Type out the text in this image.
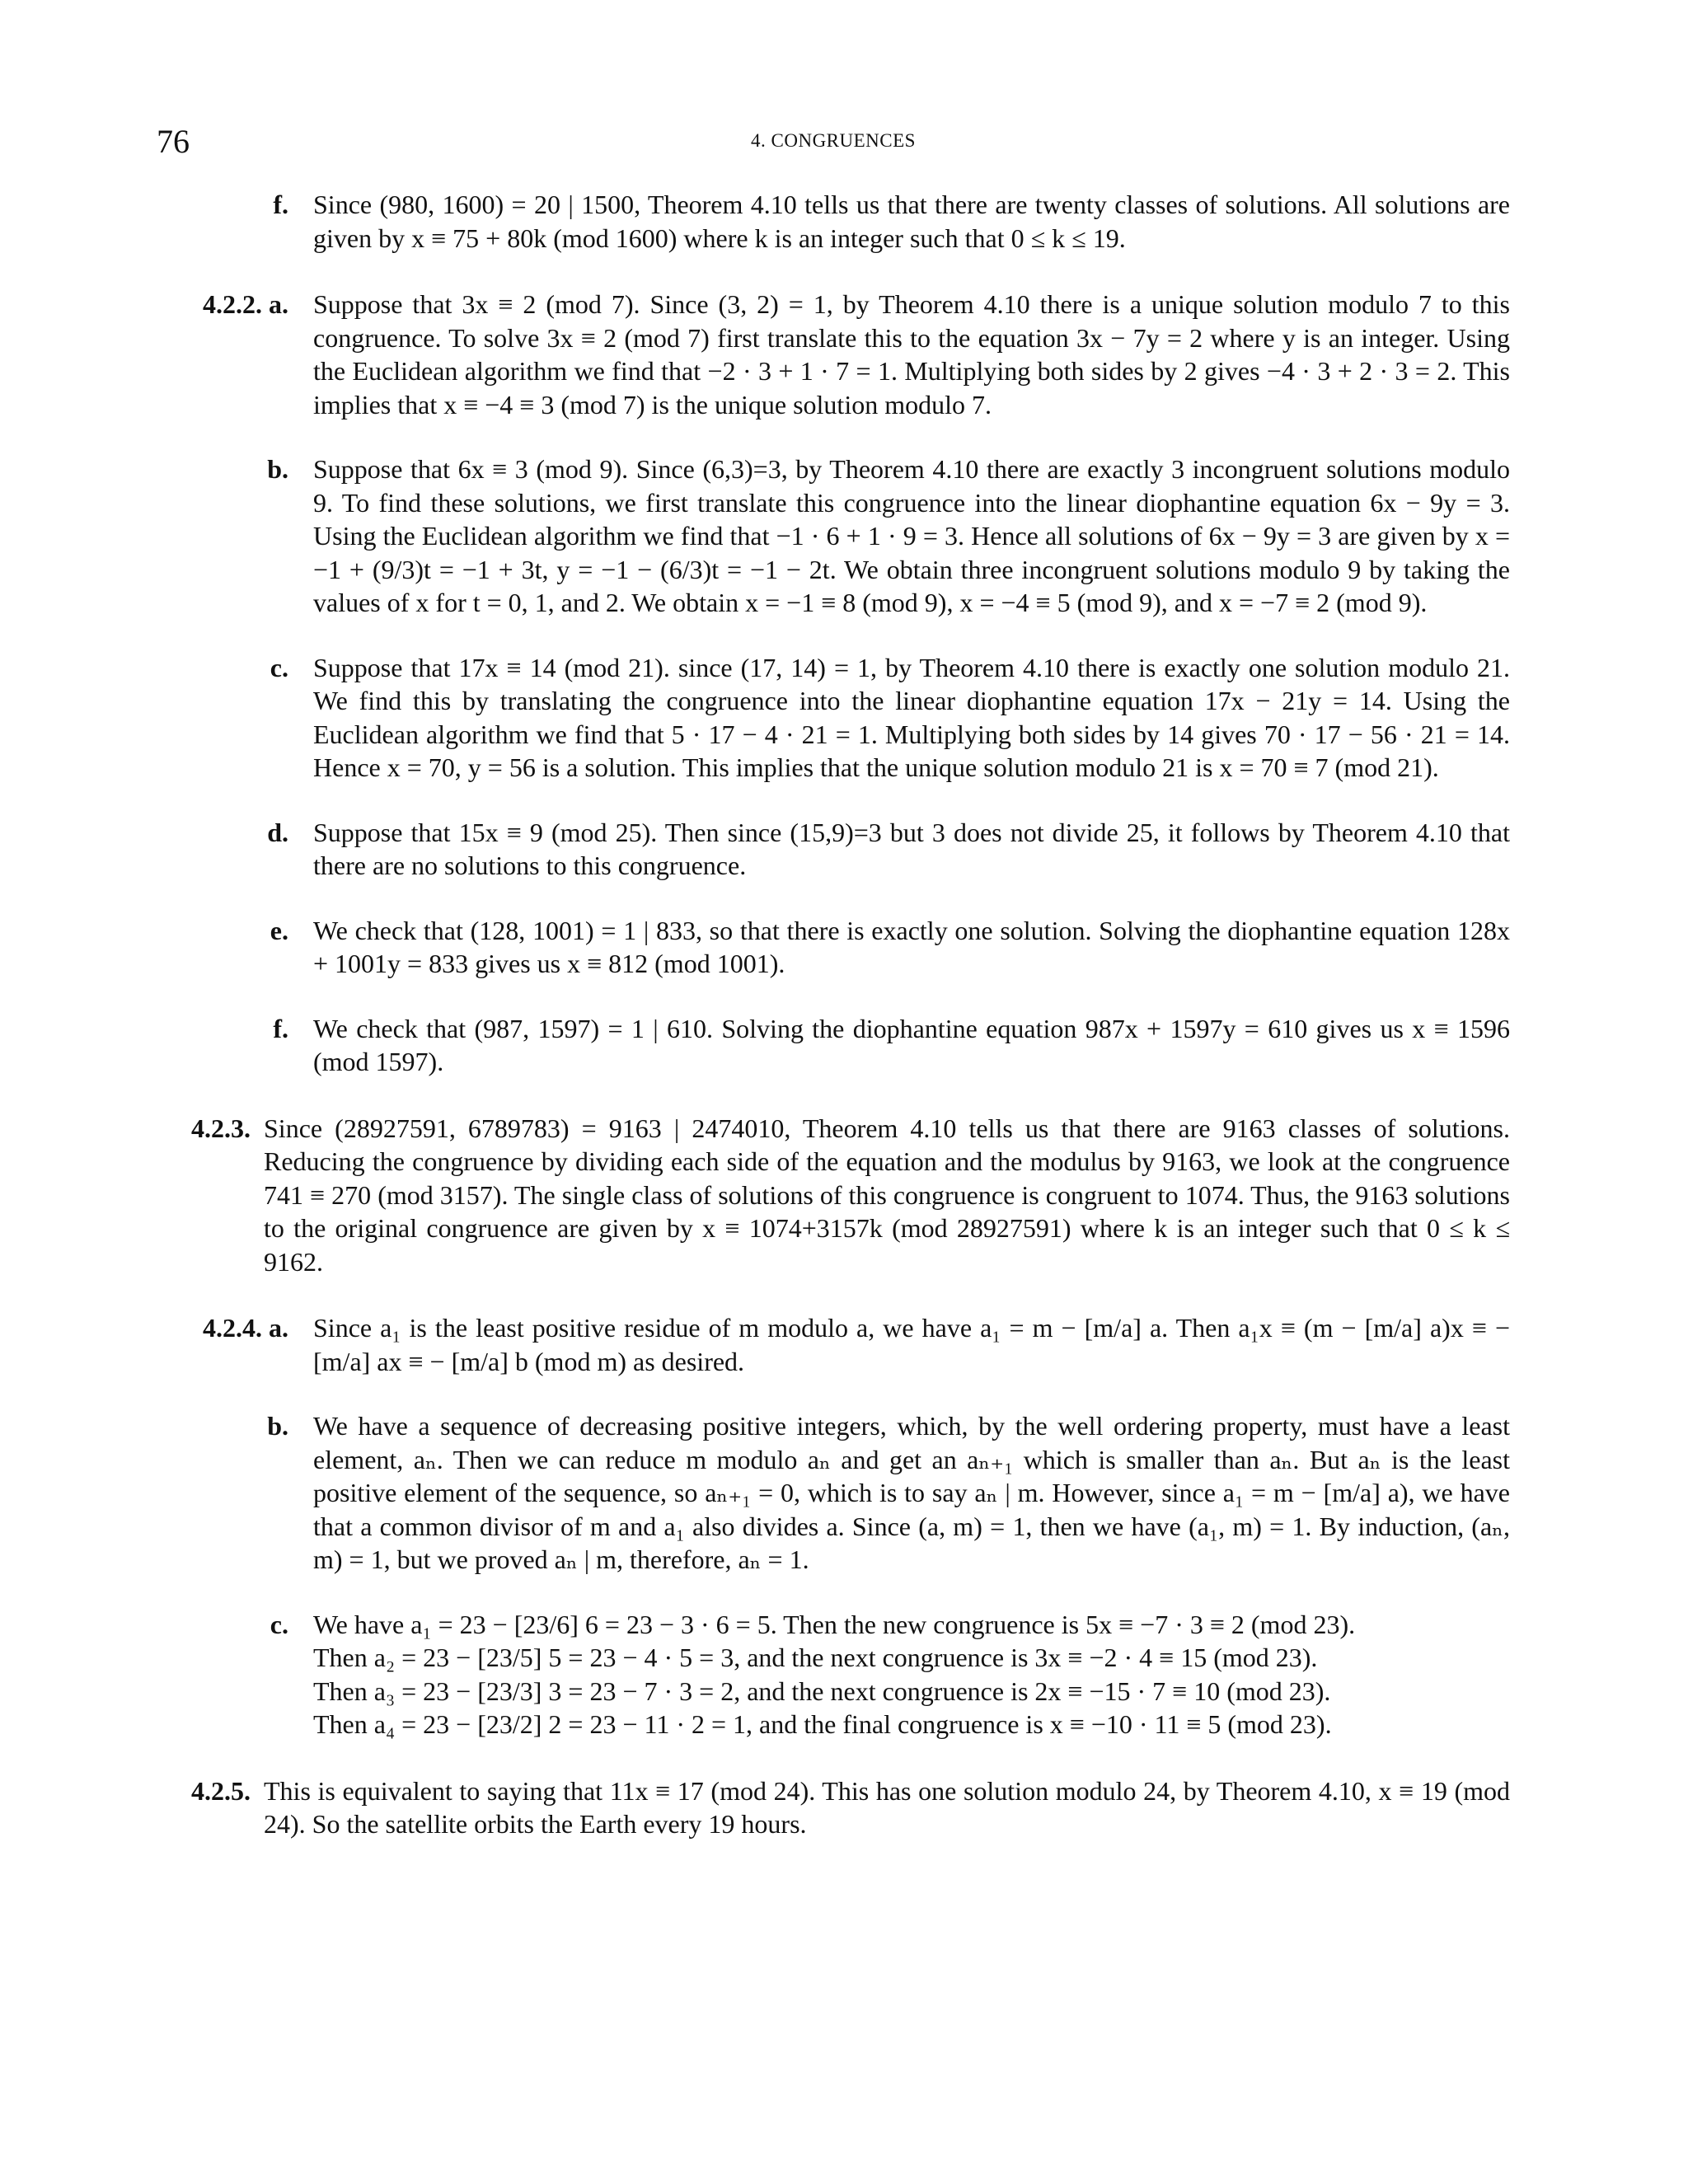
76	4. CONGRUENCES
f. Since (980, 1600) = 20 | 1500, Theorem 4.10 tells us that there are twenty classes of solutions. All solutions are given by x ≡ 75 + 80k (mod 1600) where k is an integer such that 0 ≤ k ≤ 19.
4.2.2. a. Suppose that 3x ≡ 2 (mod 7). Since (3, 2) = 1, by Theorem 4.10 there is a unique solution modulo 7 to this congruence. To solve 3x ≡ 2 (mod 7) first translate this to the equation 3x − 7y = 2 where y is an integer. Using the Euclidean algorithm we find that −2 · 3 + 1 · 7 = 1. Multiplying both sides by 2 gives −4 · 3 + 2 · 3 = 2. This implies that x ≡ −4 ≡ 3 (mod 7) is the unique solution modulo 7.
b. Suppose that 6x ≡ 3 (mod 9). Since (6,3)=3, by Theorem 4.10 there are exactly 3 incongruent solutions modulo 9. To find these solutions, we first translate this congruence into the linear diophantine equation 6x − 9y = 3. Using the Euclidean algorithm we find that −1 · 6 + 1 · 9 = 3. Hence all solutions of 6x − 9y = 3 are given by x = −1 + (9/3)t = −1 + 3t, y = −1 − (6/3)t = −1 − 2t. We obtain three incongruent solutions modulo 9 by taking the values of x for t = 0, 1, and 2. We obtain x = −1 ≡ 8 (mod 9), x = −4 ≡ 5 (mod 9), and x = −7 ≡ 2 (mod 9).
c. Suppose that 17x ≡ 14 (mod 21). since (17, 14) = 1, by Theorem 4.10 there is exactly one solution modulo 21. We find this by translating the congruence into the linear diophantine equation 17x − 21y = 14. Using the Euclidean algorithm we find that 5 · 17 − 4 · 21 = 1. Multiplying both sides by 14 gives 70 · 17 − 56 · 21 = 14. Hence x = 70, y = 56 is a solution. This implies that the unique solution modulo 21 is x = 70 ≡ 7 (mod 21).
d. Suppose that 15x ≡ 9 (mod 25). Then since (15,9)=3 but 3 does not divide 25, it follows by Theorem 4.10 that there are no solutions to this congruence.
e. We check that (128, 1001) = 1 | 833, so that there is exactly one solution. Solving the diophantine equation 128x + 1001y = 833 gives us x ≡ 812 (mod 1001).
f. We check that (987, 1597) = 1 | 610. Solving the diophantine equation 987x + 1597y = 610 gives us x ≡ 1596 (mod 1597).
4.2.3. Since (28927591, 6789783) = 9163 | 2474010, Theorem 4.10 tells us that there are 9163 classes of solutions. Reducing the congruence by dividing each side of the equation and the modulus by 9163, we look at the congruence 741 ≡ 270 (mod 3157). The single class of solutions of this congruence is congruent to 1074. Thus, the 9163 solutions to the original congruence are given by x ≡ 1074+3157k (mod 28927591) where k is an integer such that 0 ≤ k ≤ 9162.
4.2.4. a. Since a₁ is the least positive residue of m modulo a, we have a₁ = m − [m/a] a. Then a₁x ≡ (m − [m/a] a)x ≡ − [m/a] ax ≡ − [m/a] b (mod m) as desired.
b. We have a sequence of decreasing positive integers, which, by the well ordering property, must have a least element, aₙ. Then we can reduce m modulo aₙ and get an aₙ₊₁ which is smaller than aₙ. But aₙ is the least positive element of the sequence, so aₙ₊₁ = 0, which is to say aₙ | m. However, since a₁ = m − [m/a] a), we have that a common divisor of m and a₁ also divides a. Since (a, m) = 1, then we have (a₁, m) = 1. By induction, (aₙ, m) = 1, but we proved aₙ | m, therefore, aₙ = 1.
c. We have a₁ = 23 − [23/6] 6 = 23 − 3 · 6 = 5. Then the new congruence is 5x ≡ −7 · 3 ≡ 2 (mod 23).
Then a₂ = 23 − [23/5] 5 = 23 − 4 · 5 = 3, and the next congruence is 3x ≡ −2 · 4 ≡ 15 (mod 23).
Then a₃ = 23 − [23/3] 3 = 23 − 7 · 3 = 2, and the next congruence is 2x ≡ −15 · 7 ≡ 10 (mod 23).
Then a₄ = 23 − [23/2] 2 = 23 − 11 · 2 = 1, and the final congruence is x ≡ −10 · 11 ≡ 5 (mod 23).
4.2.5. This is equivalent to saying that 11x ≡ 17 (mod 24). This has one solution modulo 24, by Theorem 4.10, x ≡ 19 (mod 24). So the satellite orbits the Earth every 19 hours.
